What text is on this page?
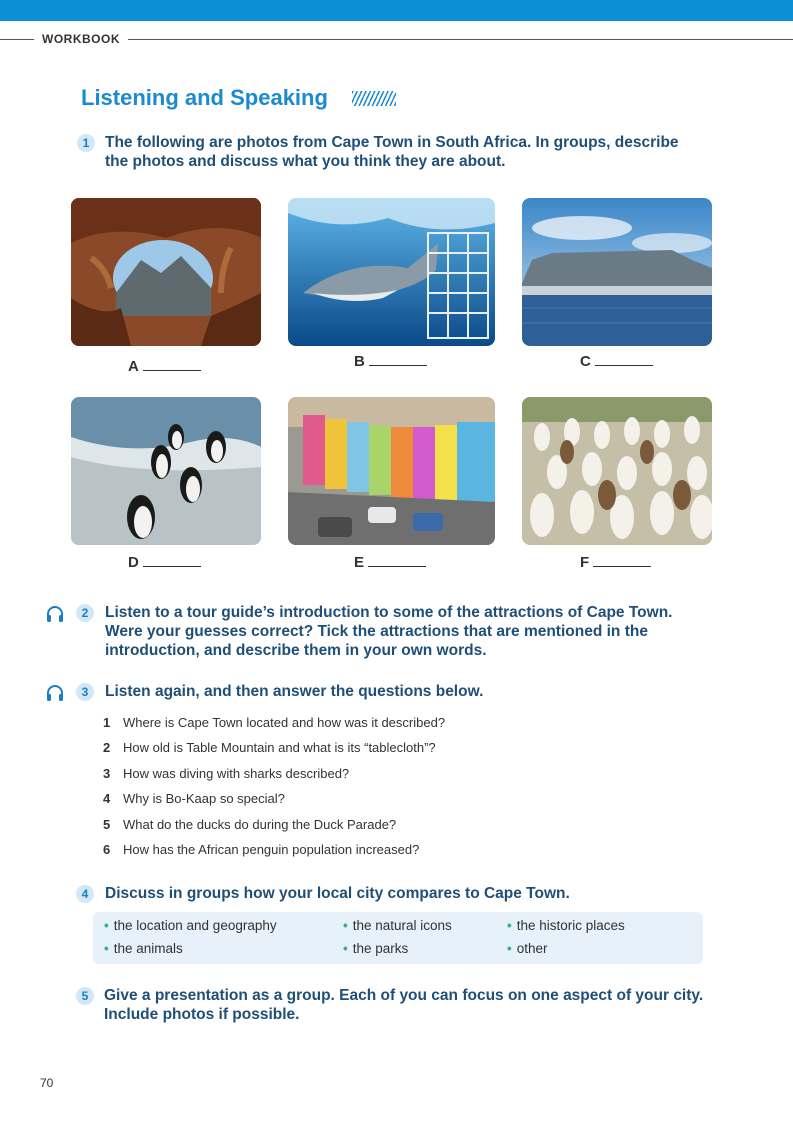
WORKBOOK
Listening and Speaking
1	The following are photos from Cape Town in South Africa. In groups, describe
the photos and discuss what you think they are about.
A	B	C
D	E	F
2	Listen to a tour guide’s introduction to some of the attractions of Cape Town.
Were your guesses correct? Tick the attractions that are mentioned in the
introduction, and describe them in your own words.
3	Listen again, and then answer the questions below.
1 Where is Cape Town located and how was it described?
2 How old is Table Mountain and what is its “tablecloth”?
3 How was diving with sharks described?
4 Why is Bo-Kaap so special?
5 What do the ducks do during the Duck Parade?
6 How has the African penguin population increased?
4	Discuss in groups how your local city compares to Cape Town.
• the location and geography	• the natural icons	• the historic places
• the animals	• the parks	• other
5	Give a presentation as a group. Each of you can focus on one aspect of your city.
Include photos if possible.
70
